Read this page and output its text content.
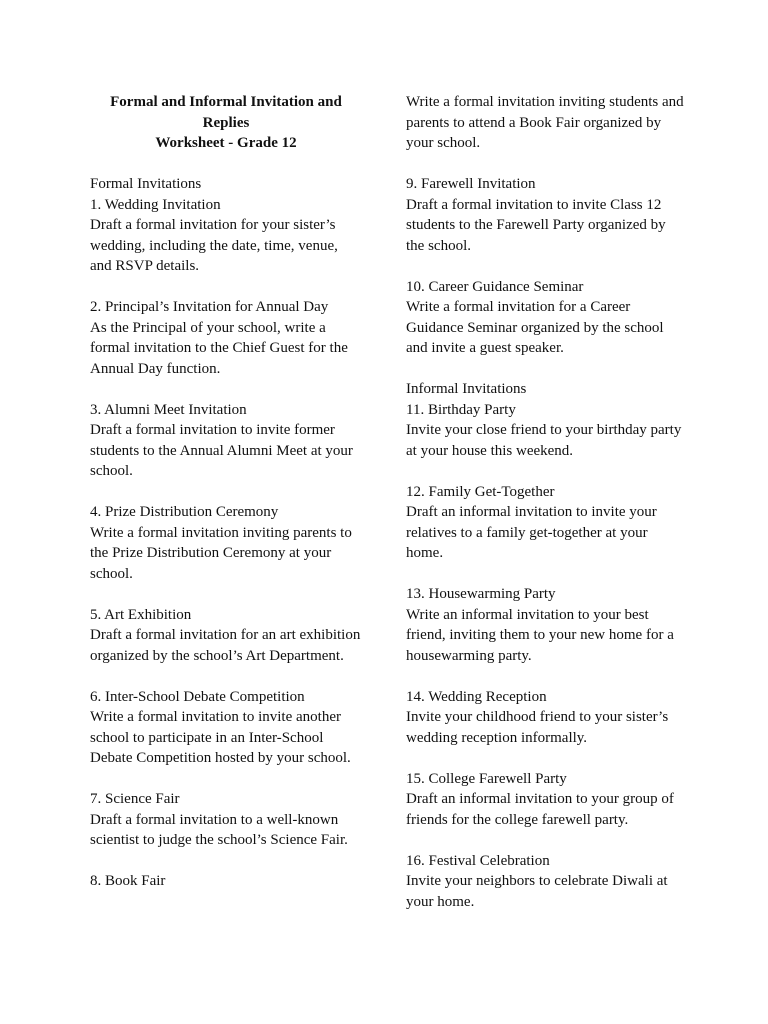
Formal and Informal Invitation and
Replies
Worksheet - Grade 12

Formal Invitations

1. Wedding Invitation

Draft a formal invitation for your sister’s wedding, including the date, time, venue, and RSVP details.

2. Principal’s Invitation for Annual Day

As the Principal of your school, write a formal invitation to the Chief Guest for the Annual Day function.

3. Alumni Meet Invitation

Draft a formal invitation to invite former students to the Annual Alumni Meet at your school.

4. Prize Distribution Ceremony

Write a formal invitation inviting parents to the Prize Distribution Ceremony at your school.

5. Art Exhibition

Draft a formal invitation for an art exhibition organized by the school’s Art Department.

6. Inter-School Debate Competition

Write a formal invitation to invite another school to participate in an Inter-School Debate Competition hosted by your school.

7. Science Fair

Draft a formal invitation to a well-known scientist to judge the school’s Science Fair.

8. Book Fair

Write a formal invitation inviting students and parents to attend a Book Fair organized by your school.

9. Farewell Invitation

Draft a formal invitation to invite Class 12 students to the Farewell Party organized by the school.

10. Career Guidance Seminar

Write a formal invitation for a Career Guidance Seminar organized by the school and invite a guest speaker.

Informal Invitations

11. Birthday Party

Invite your close friend to your birthday party at your house this weekend.

12. Family Get-Together

Draft an informal invitation to invite your relatives to a family get-together at your home.

13. Housewarming Party

Write an informal invitation to your best friend, inviting them to your new home for a housewarming party.

14. Wedding Reception

Invite your childhood friend to your sister’s wedding reception informally.

15. College Farewell Party

Draft an informal invitation to your group of friends for the college farewell party.

16. Festival Celebration

Invite your neighbors to celebrate Diwali at your home.
